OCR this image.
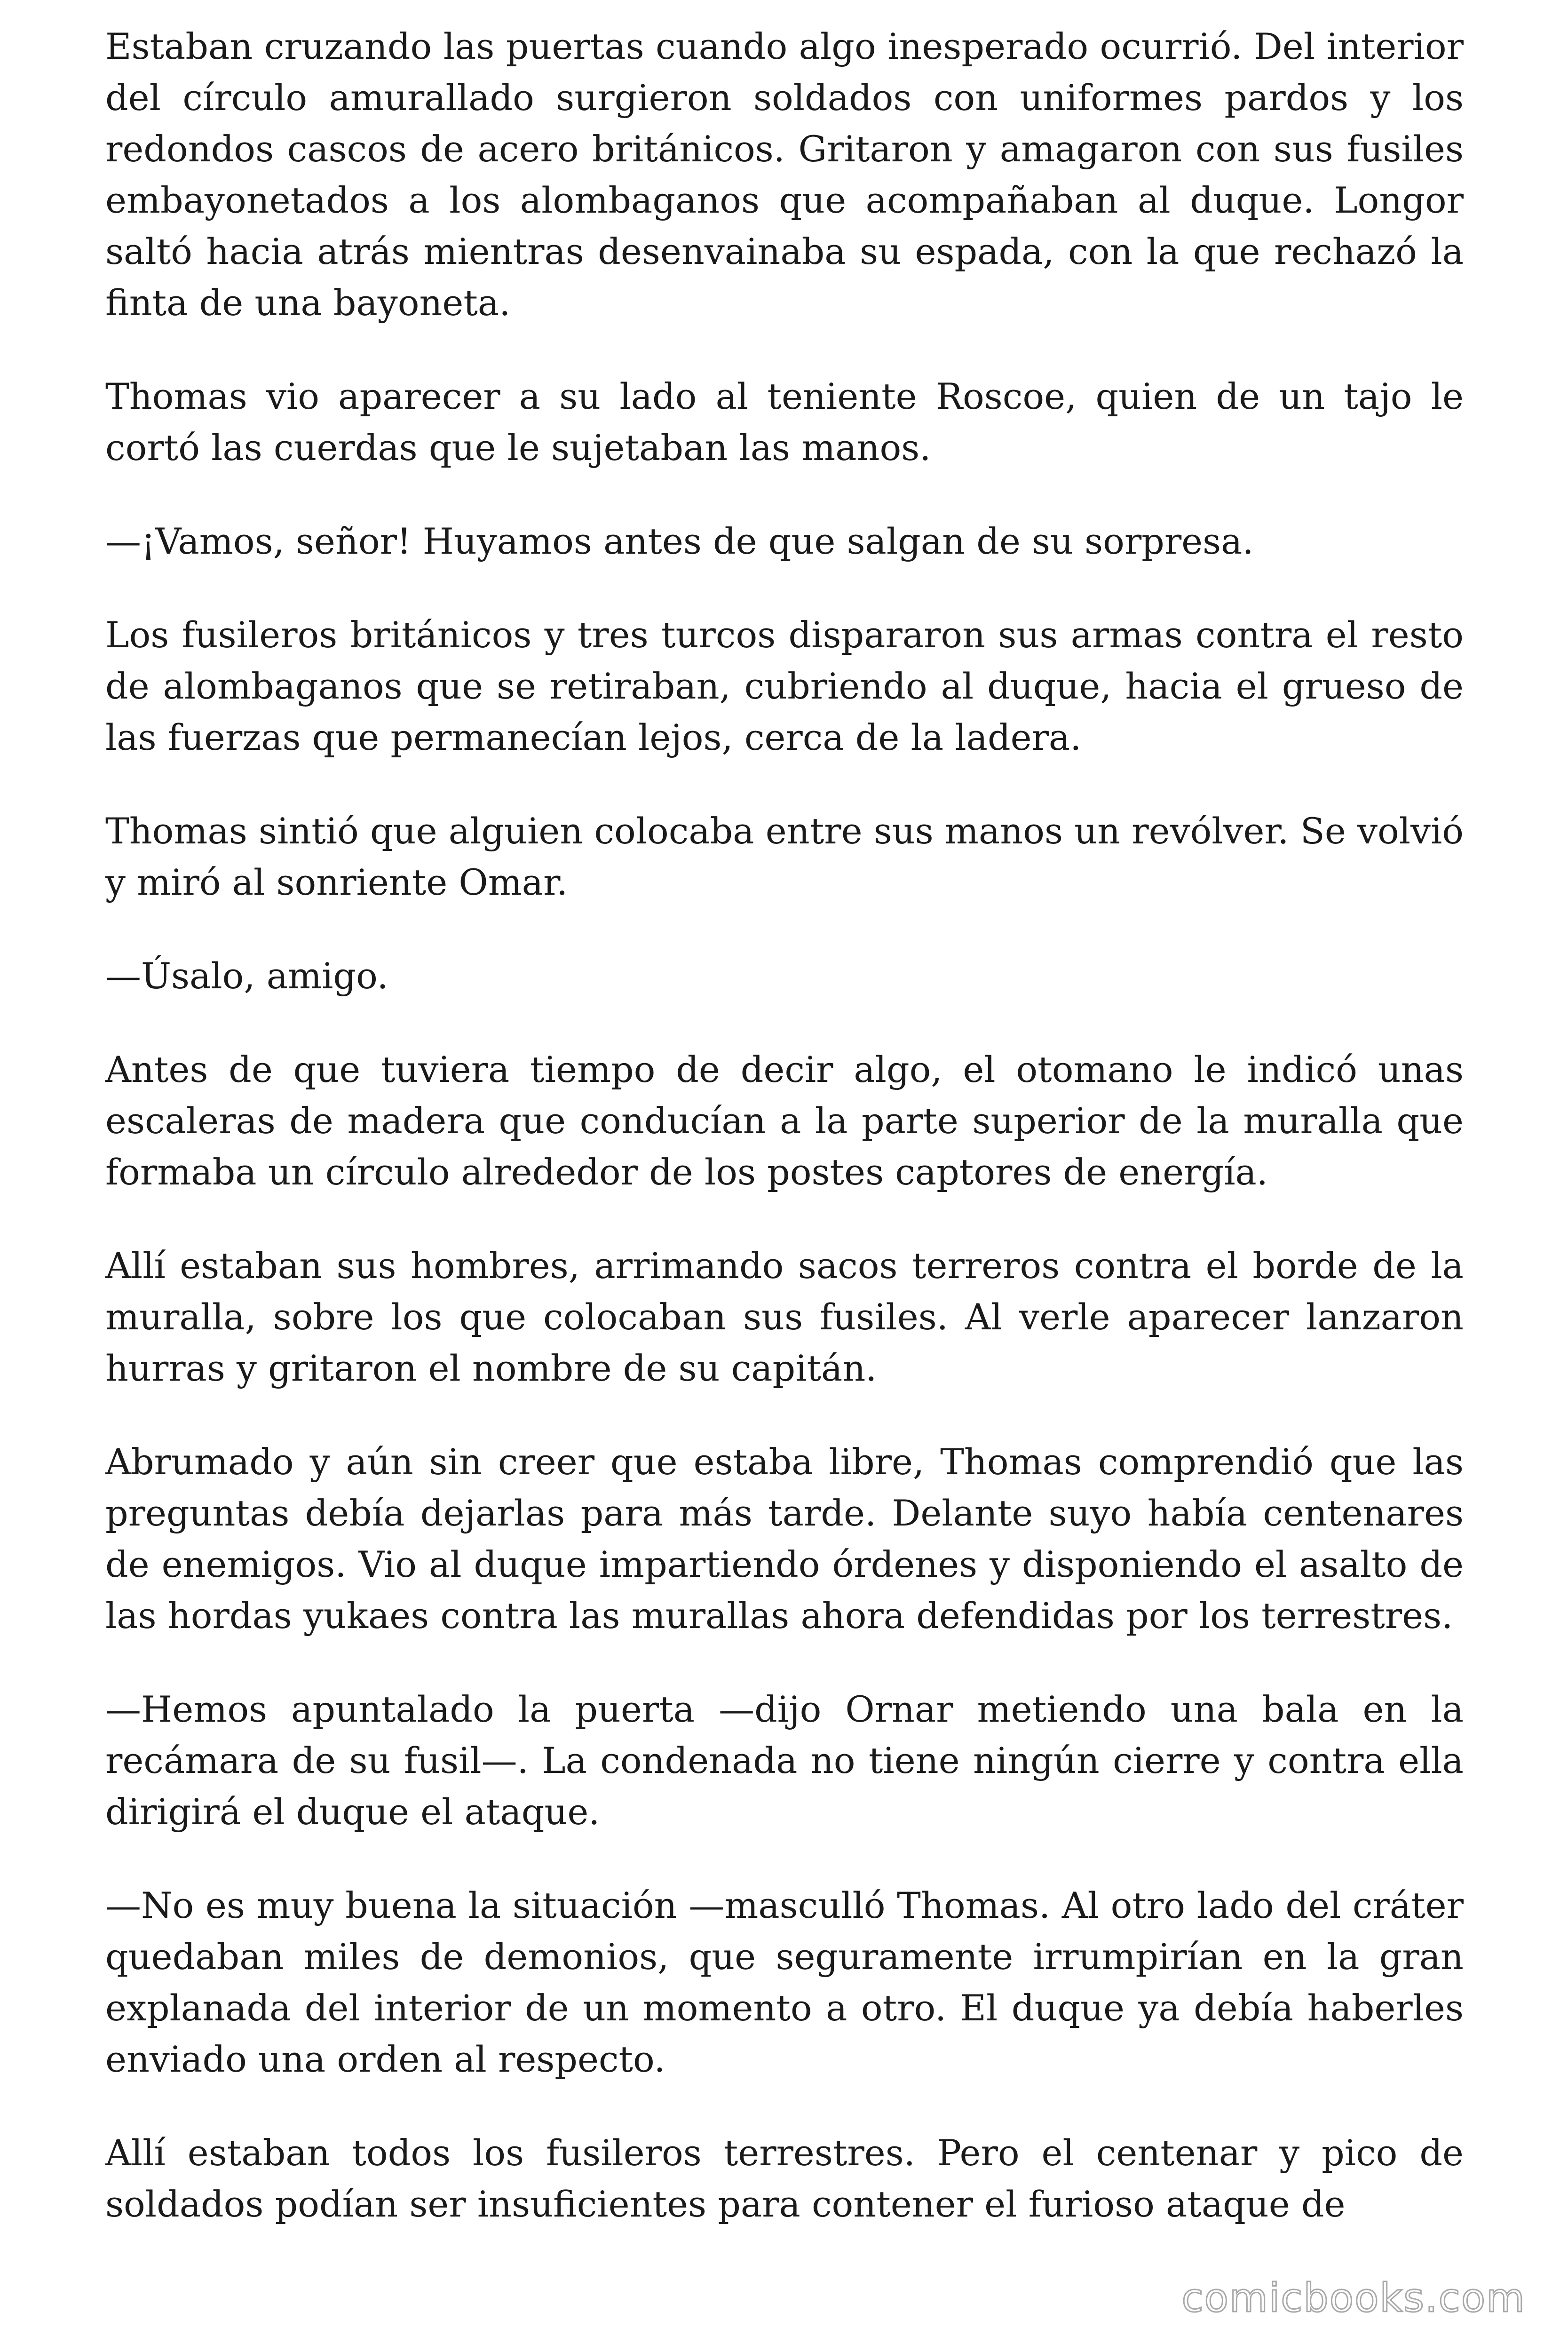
Estaban cruzando las puertas cuando algo inesperado ocurrió. Del interior del círculo amurallado surgieron soldados con uniformes pardos y los redondos cascos de acero británicos. Gritaron y amagaron con sus fusiles embayonetados a los alombaganos que acompañaban al duque. Longor saltó hacia atrás mientras desenvainaba su espada, con la que rechazó la finta de una bayoneta.

Thomas vio aparecer a su lado al teniente Roscoe, quien de un tajo le cortó las cuerdas que le sujetaban las manos.

—¡Vamos, señor! Huyamos antes de que salgan de su sorpresa.

Los fusileros británicos y tres turcos dispararon sus armas contra el resto de alombaganos que se retiraban, cubriendo al duque, hacia el grueso de las fuerzas que permanecían lejos, cerca de la ladera.

Thomas sintió que alguien colocaba entre sus manos un revólver. Se volvió y miró al sonriente Omar.

—Úsalo, amigo.

Antes de que tuviera tiempo de decir algo, el otomano le indicó unas escaleras de madera que conducían a la parte superior de la muralla que formaba un círculo alrededor de los postes captores de energía.

Allí estaban sus hombres, arrimando sacos terreros contra el borde de la muralla, sobre los que colocaban sus fusiles. Al verle aparecer lanzaron hurras y gritaron el nombre de su capitán.

Abrumado y aún sin creer que estaba libre, Thomas comprendió que las preguntas debía dejarlas para más tarde. Delante suyo había centenares de enemigos. Vio al duque impartiendo órdenes y disponiendo el asalto de las hordas yukaes contra las murallas ahora defendidas por los terrestres.

—Hemos apuntalado la puerta —dijo Ornar metiendo una bala en la recámara de su fusil—. La condenada no tiene ningún cierre y contra ella dirigirá el duque el ataque.

—No es muy buena la situación —masculló Thomas. Al otro lado del cráter quedaban miles de demonios, que seguramente irrumpirían en la gran explanada del interior de un momento a otro. El duque ya debía haberles enviado una orden al respecto.

Allí estaban todos los fusileros terrestres. Pero el centenar y pico de soldados podían ser insuficientes para contener el furioso ataque de

comicbooks.com
